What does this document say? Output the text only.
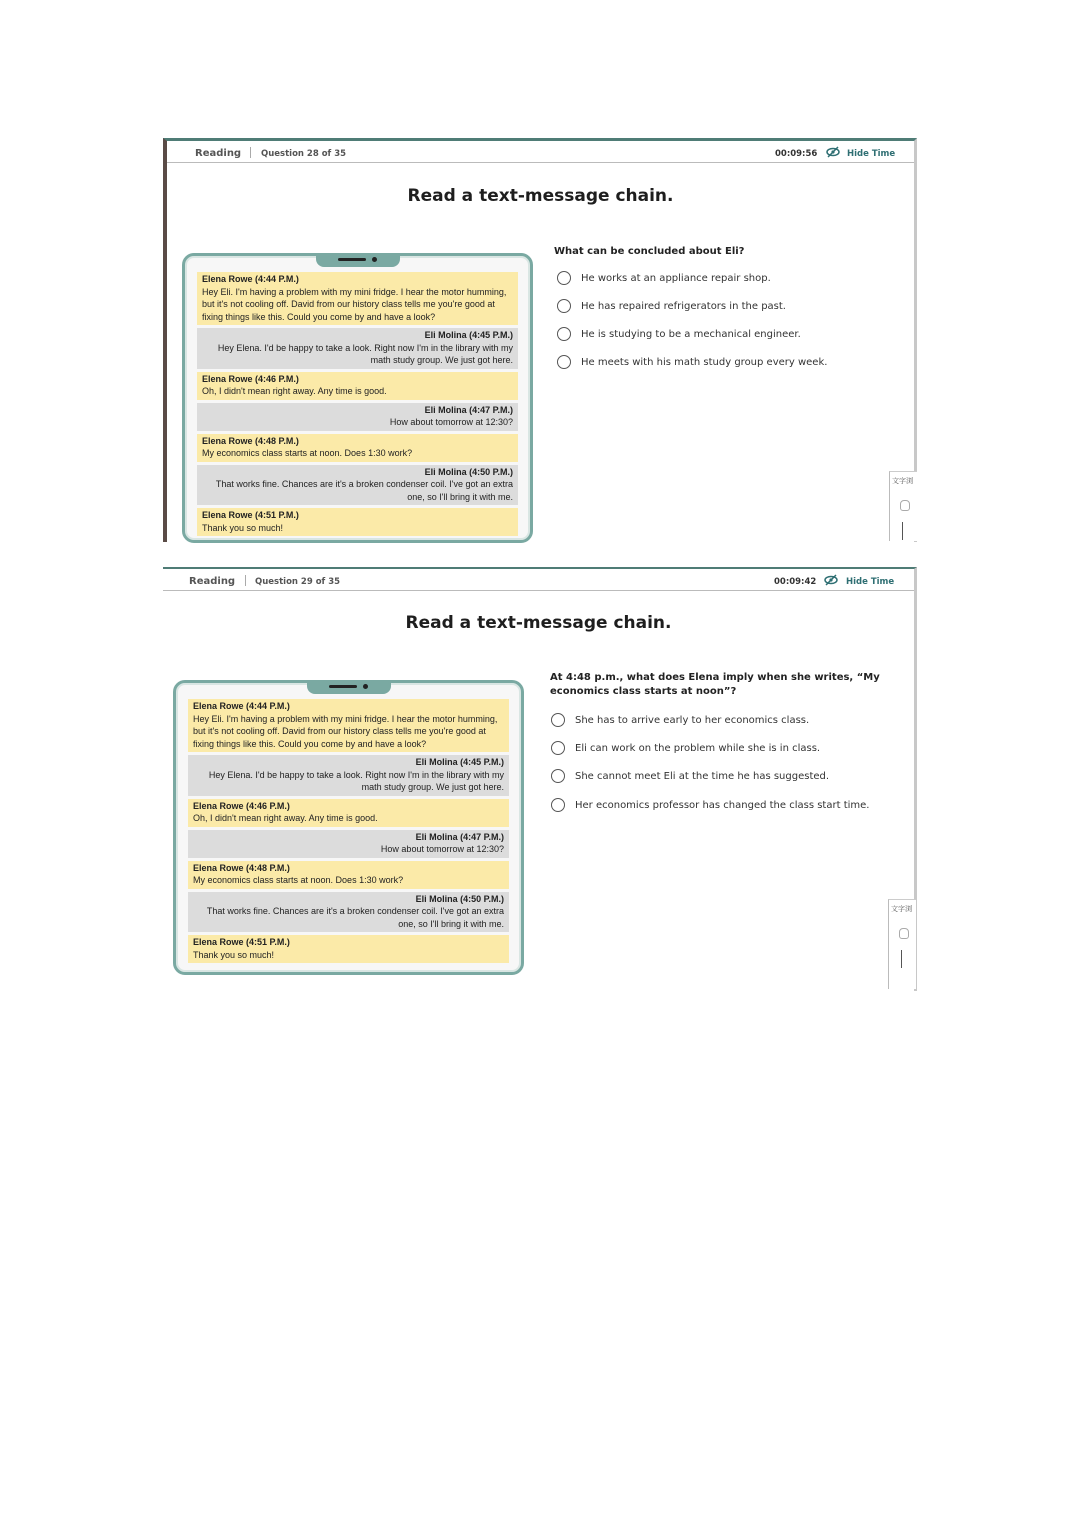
Reading Question 28 of 35	00:09:56	Hide Time
Read a text-message chain.
Elena Rowe (4:44 P.M.)
Hey Eli. I'm having a problem with my mini fridge. I hear the motor humming, but it's not cooling off. David from our history class tells me you're good at fixing things like this. Could you come by and have a look?
Eli Molina (4:45 P.M.)
Hey Elena. I'd be happy to take a look. Right now I'm in the library with my math study group. We just got here.
Elena Rowe (4:46 P.M.)
Oh, I didn't mean right away. Any time is good.
Eli Molina (4:47 P.M.)
How about tomorrow at 12:30?
Elena Rowe (4:48 P.M.)
My economics class starts at noon. Does 1:30 work?
Eli Molina (4:50 P.M.)
That works fine. Chances are it's a broken condenser coil. I've got an extra one, so I'll bring it with me.
Elena Rowe (4:51 P.M.)
Thank you so much!
What can be concluded about Eli?
He works at an appliance repair shop.
He has repaired refrigerators in the past.
He is studying to be a mechanical engineer.
He meets with his math study group every week.
文字浏
Reading Question 29 of 35	00:09:42	Hide Time
Read a text-message chain.
Elena Rowe (4:44 P.M.)
Hey Eli. I'm having a problem with my mini fridge. I hear the motor humming, but it's not cooling off. David from our history class tells me you're good at fixing things like this. Could you come by and have a look?
Eli Molina (4:45 P.M.)
Hey Elena. I'd be happy to take a look. Right now I'm in the library with my math study group. We just got here.
Elena Rowe (4:46 P.M.)
Oh, I didn't mean right away. Any time is good.
Eli Molina (4:47 P.M.)
How about tomorrow at 12:30?
Elena Rowe (4:48 P.M.)
My economics class starts at noon. Does 1:30 work?
Eli Molina (4:50 P.M.)
That works fine. Chances are it's a broken condenser coil. I've got an extra one, so I'll bring it with me.
Elena Rowe (4:51 P.M.)
Thank you so much!
At 4:48 p.m., what does Elena imply when she writes, “My economics class starts at noon”?
She has to arrive early to her economics class.
Eli can work on the problem while she is in class.
She cannot meet Eli at the time he has suggested.
Her economics professor has changed the class start time.
文字浏
